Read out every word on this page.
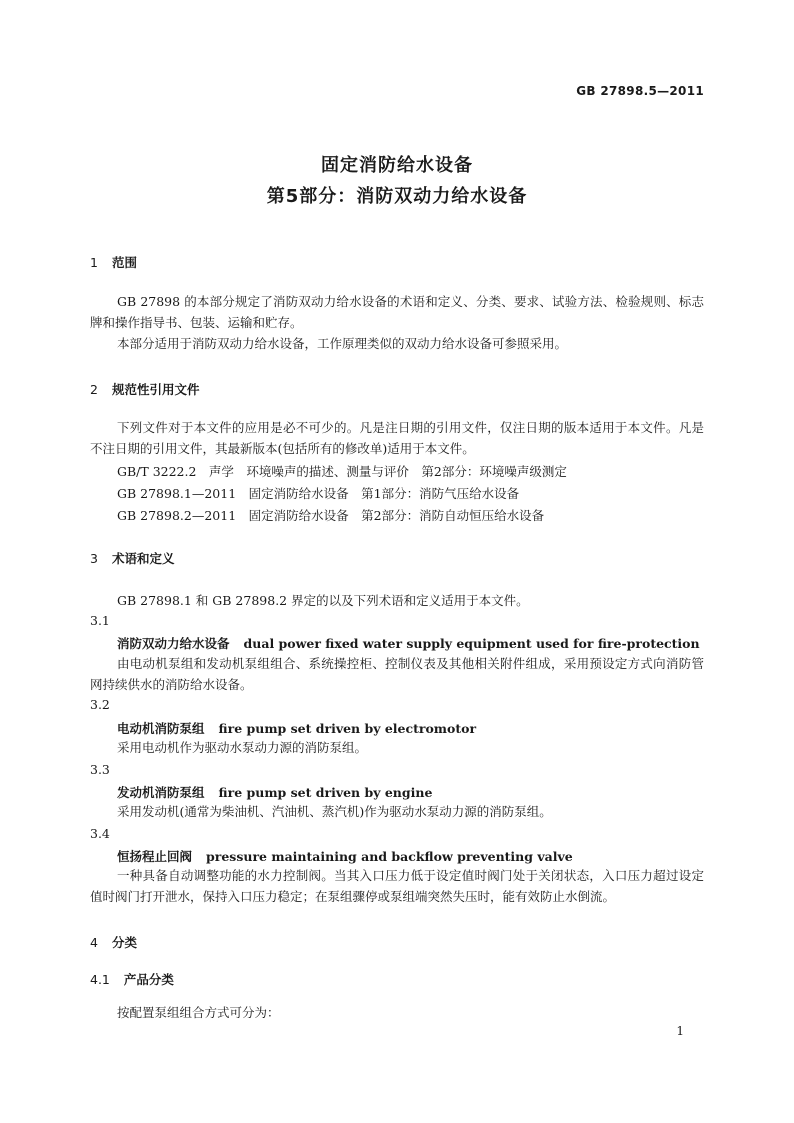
GB 27898.5—2011
固定消防给水设备
第5部分：消防双动力给水设备
1 范围

GB 27898 的本部分规定了消防双动力给水设备的术语和定义、分类、要求、试验方法、检验规则、标志牌和操作指导书、包装、运输和贮存。

本部分适用于消防双动力给水设备，工作原理类似的双动力给水设备可参照采用。

2 规范性引用文件

下列文件对于本文件的应用是必不可少的。凡是注日期的引用文件，仅注日期的版本适用于本文件。凡是不注日期的引用文件，其最新版本(包括所有的修改单)适用于本文件。

GB/T 3222.2　声学　环境噪声的描述、测量与评价　第2部分：环境噪声级测定
GB 27898.1—2011　固定消防给水设备　第1部分：消防气压给水设备
GB 27898.2—2011　固定消防给水设备　第2部分：消防自动恒压给水设备
3 术语和定义
GB 27898.1 和 GB 27898.2 界定的以及下列术语和定义适用于本文件。
3.1
消防双动力给水设备 dual power fixed water supply equipment used for fire-protection

由电动机泵组和发动机泵组组合、系统操控柜、控制仪表及其他相关附件组成，采用预设定方式向消防管网持续供水的消防给水设备。

3.2
电动机消防泵组 fire pump set driven by electromotor

采用电动机作为驱动水泵动力源的消防泵组。

3.3
发动机消防泵组 fire pump set driven by engine

采用发动机(通常为柴油机、汽油机、蒸汽机)作为驱动水泵动力源的消防泵组。

3.4
恒扬程止回阀 pressure maintaining and backflow preventing valve

一种具备自动调整功能的水力控制阀。当其入口压力低于设定值时阀门处于关闭状态，入口压力超过设定值时阀门打开泄水，保持入口压力稳定；在泵组骤停或泵组端突然失压时，能有效防止水倒流。

4 分类
4.1 产品分类
按配置泵组组合方式可分为：
1
